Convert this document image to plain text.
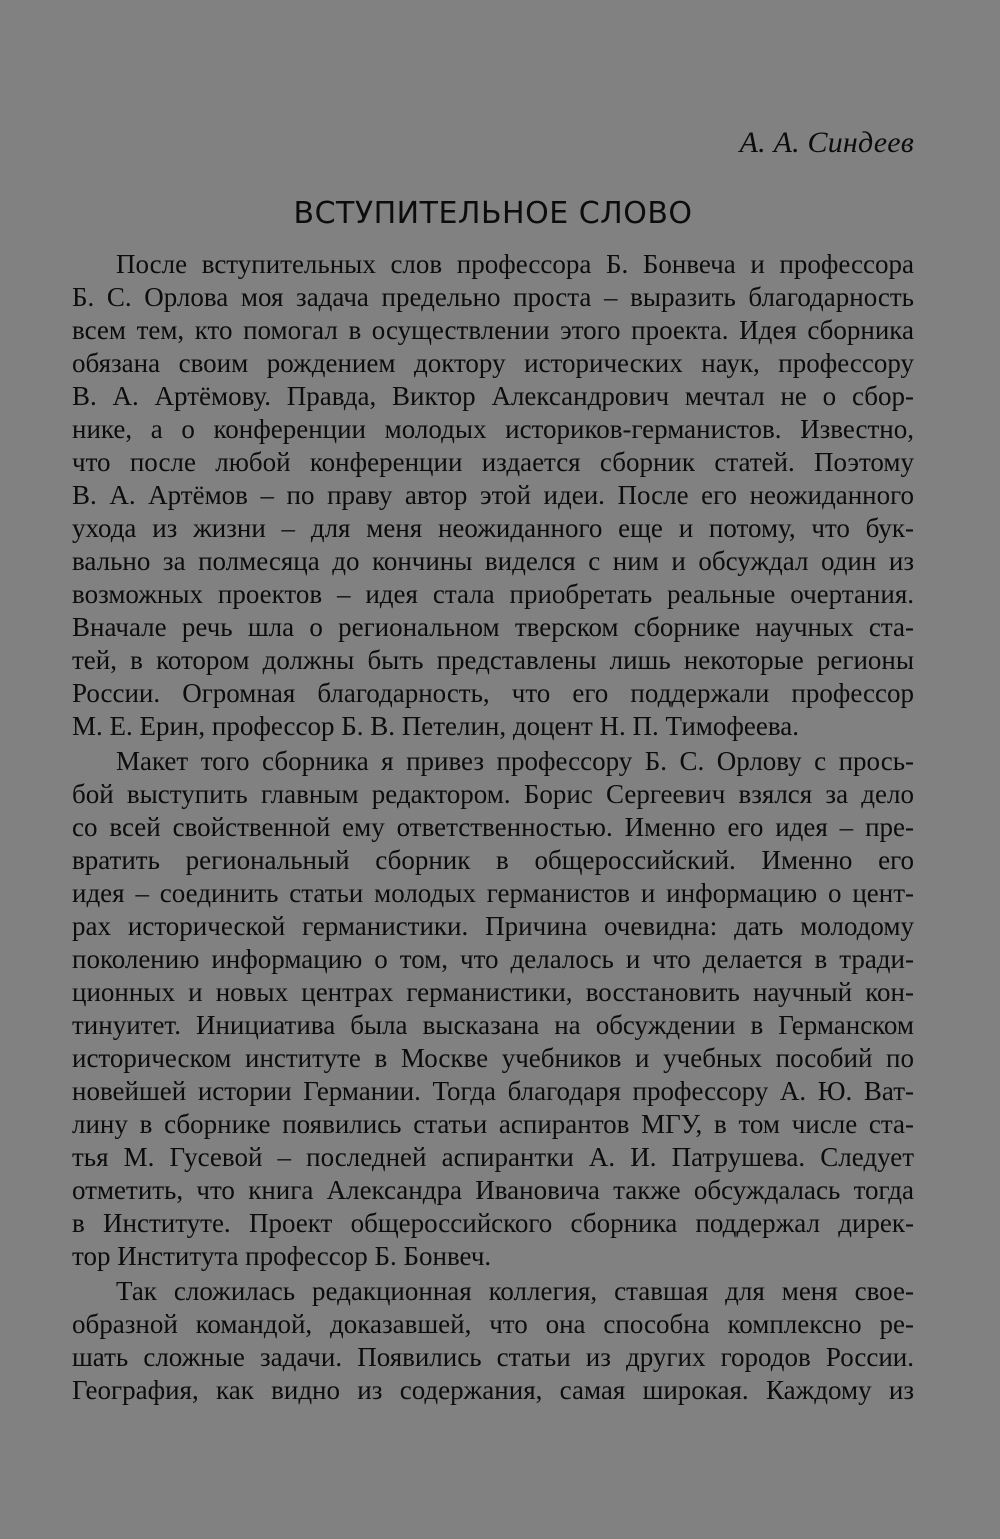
А. А. Синдеев
ВСТУПИТЕЛЬНОЕ СЛОВО
После вступительных слов профессора Б. Бонвеча и профессора
Б. С. Орлова моя задача предельно проста – выразить благодарность
всем тем, кто помогал в осуществлении этого проекта. Идея сборника
обязана своим рождением доктору исторических наук, профессору
В. А. Артёмову. Правда, Виктор Александрович мечтал не о сбор-
нике, а о конференции молодых историков-германистов. Известно,
что после любой конференции издается сборник статей. Поэтому
В. А. Артёмов – по праву автор этой идеи. После его неожиданного
ухода из жизни – для меня неожиданного еще и потому, что бук-
вально за полмесяца до кончины виделся с ним и обсуждал один из
возможных проектов – идея стала приобретать реальные очертания.
Вначале речь шла о региональном тверском сборнике научных ста-
тей, в котором должны быть представлены лишь некоторые регионы
России. Огромная благодарность, что его поддержали профессор
М. Е. Ерин, профессор Б. В. Петелин, доцент Н. П. Тимофеева.
Макет того сборника я привез профессору Б. С. Орлову с прось-
бой выступить главным редактором. Борис Сергеевич взялся за дело
со всей свойственной ему ответственностью. Именно его идея – пре-
вратить региональный сборник в общероссийский. Именно его
идея – соединить статьи молодых германистов и информацию о цент-
рах исторической германистики. Причина очевидна: дать молодому
поколению информацию о том, что делалось и что делается в тради-
ционных и новых центрах германистики, восстановить научный кон-
тинуитет. Инициатива была высказана на обсуждении в Германском
историческом институте в Москве учебников и учебных пособий по
новейшей истории Германии. Тогда благодаря профессору А. Ю. Ват-
лину в сборнике появились статьи аспирантов МГУ, в том числе ста-
тья М. Гусевой – последней аспирантки А. И. Патрушева. Следует
отметить, что книга Александра Ивановича также обсуждалась тогда
в Институте. Проект общероссийского сборника поддержал дирек-
тор Института профессор Б. Бонвеч.
Так сложилась редакционная коллегия, ставшая для меня свое-
образной командой, доказавшей, что она способна комплексно ре-
шать сложные задачи. Появились статьи из других городов России.
География, как видно из содержания, самая широкая. Каждому из
